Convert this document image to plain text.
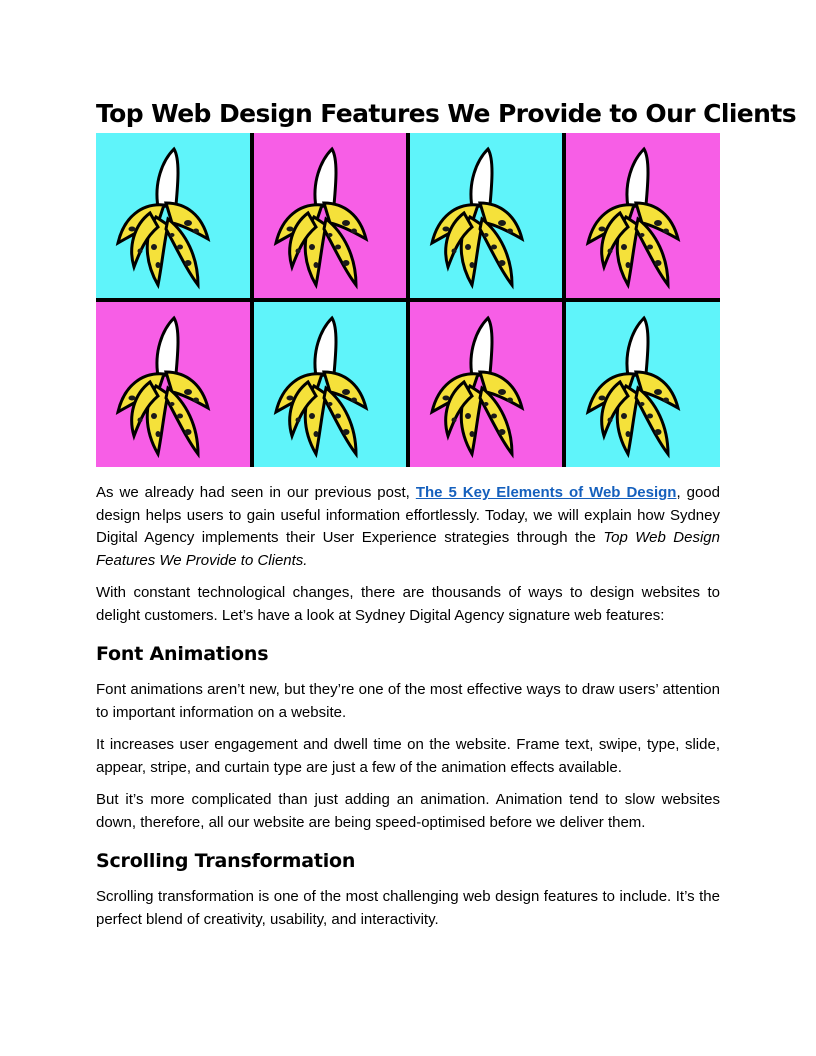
Top Web Design Features We Provide to Our Clients

As we already had seen in our previous post, The 5 Key Elements of Web Design, good design helps users to gain useful information effortlessly. Today, we will explain how Sydney Digital Agency implements their User Experience strategies through the Top Web Design Features We Provide to Clients.

With constant technological changes, there are thousands of ways to design websites to delight customers. Let’s have a look at Sydney Digital Agency signature web features:

Font Animations

Font animations aren’t new, but they’re one of the most effective ways to draw users’ attention to important information on a website.

It increases user engagement and dwell time on the website. Frame text, swipe, type, slide, appear, stripe, and curtain type are just a few of the animation effects available.

But it’s more complicated than just adding an animation. Animation tend to slow websites down, therefore, all our website are being speed-optimised before we deliver them.

Scrolling Transformation

Scrolling transformation is one of the most challenging web design features to include. It’s the perfect blend of creativity, usability, and interactivity.
